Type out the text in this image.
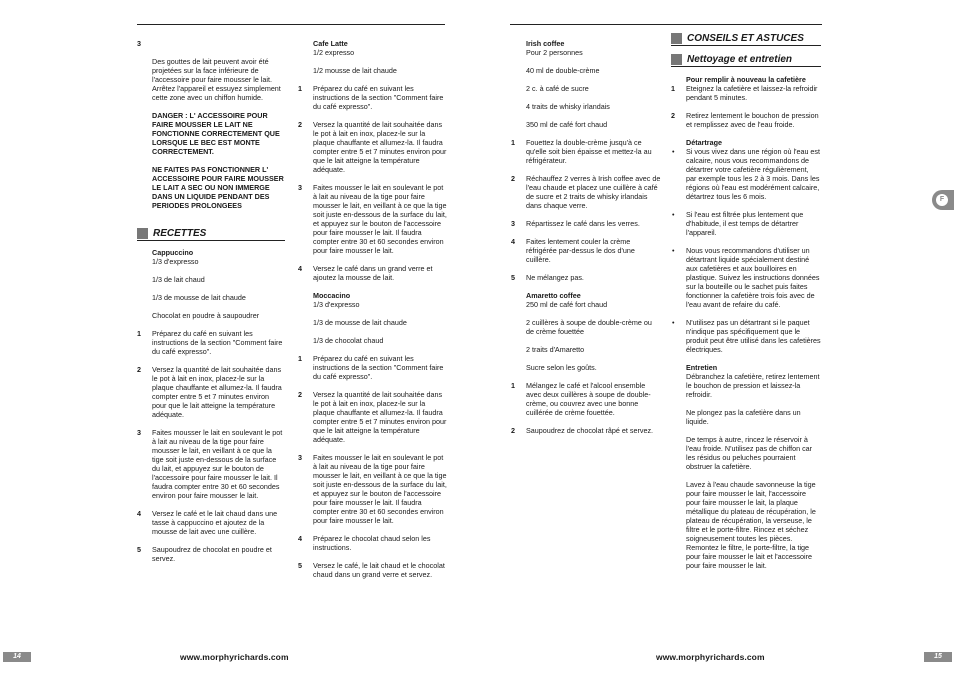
3

Des gouttes de lait peuvent avoir été projetées sur la face inférieure de l'accessoire pour faire mousser le lait. Arrêtez l'appareil et essuyez simplement cette zone avec un chiffon humide.

DANGER : L' ACCESSOIRE POUR FAIRE MOUSSER LE LAIT NE FONCTIONNE CORRECTEMENT QUE LORSQUE LE BEC EST MONTE CORRECTEMENT.
NE FAITES PAS FONCTIONNER L' ACCESSOIRE POUR FAIRE MOUSSER LE LAIT A SEC OU NON IMMERGE DANS UN LIQUIDE PENDANT DES PERIODES PROLONGEES
RECETTES
Cappuccino
1/3 d'expresso
1/3 de lait chaud
1/3 de mousse de lait chaude
Chocolat en poudre à saupoudrer
1 Préparez du café en suivant les instructions de la section "Comment faire du café expresso".
2 Versez la quantité de lait souhaitée dans le pot à lait en inox, placez-le sur la plaque chauffante et allumez-la. Il faudra compter entre 5 et 7 minutes environ pour que le lait atteigne la température adéquate.
3 Faites mousser le lait en soulevant le pot à lait au niveau de la tige pour faire mousser le lait, en veillant à ce que la tige soit juste en-dessous de la surface du lait, et appuyez sur le bouton de l'accessoire pour faire mousser le lait. Il faudra compter entre 30 et 60 secondes environ pour faire mousser le lait.
4 Versez le café et le lait chaud dans une tasse à cappuccino et ajoutez de la mousse de lait avec une cuillère.
5 Saupoudrez de chocolat en poudre et servez.
Cafe Latte
1/2 expresso
1/2 mousse de lait chaude
1 Préparez du café en suivant les instructions de la section "Comment faire du café expresso".
2 Versez la quantité de lait souhaitée dans le pot à lait en inox, placez-le sur la plaque chauffante et allumez-la. Il faudra compter entre 5 et 7 minutes environ pour que le lait atteigne la température adéquate.
3 Faites mousser le lait en soulevant le pot à lait au niveau de la tige pour faire mousser le lait, en veillant à ce que la tige soit juste en-dessous de la surface du lait, et appuyez sur le bouton de l'accessoire pour faire mousser le lait. Il faudra compter entre 30 et 60 secondes environ pour faire mousser le lait.
4 Versez le café dans un grand verre et ajoutez la mousse de lait.
Moccacino
1/3 d'expresso
1/3 de mousse de lait chaude
1/3 de chocolat chaud
1 Préparez du café en suivant les instructions de la section "Comment faire du café expresso".
2 Versez la quantité de lait souhaitée dans le pot à lait en inox, placez-le sur la plaque chauffante et allumez-la. Il faudra compter entre 5 et 7 minutes environ pour que le lait atteigne la température adéquate.
3 Faites mousser le lait en soulevant le pot à lait au niveau de la tige pour faire mousser le lait, en veillant à ce que la tige soit juste en-dessous de la surface du lait, et appuyez sur le bouton de l'accessoire pour faire mousser le lait. Il faudra compter entre 30 et 60 secondes environ pour faire mousser le lait.
4 Préparez le chocolat chaud selon les instructions.
5 Versez le café, le lait chaud et le chocolat chaud dans un grand verre et servez.
Irish coffee
Pour 2 personnes
40 ml de double-crème
2 c. à café de sucre
4 traits de whisky irlandais
350 ml de café fort chaud
1 Fouettez la double-crème jusqu'à ce qu'elle soit bien épaisse et mettez-la au réfrigérateur.
2 Réchauffez 2 verres à Irish coffee avec de l'eau chaude et placez une cuillère à café de sucre et 2 traits de whisky irlandais dans chaque verre.
3 Répartissez le café dans les verres.
4 Faites lentement couler la crème réfrigérée par-dessus le dos d'une cuillère.
5 Ne mélangez pas.
Amaretto coffee
250 ml de café fort chaud
2 cuillères à soupe de double-crème ou de crème fouettée
2 traits d'Amaretto
Sucre selon les goûts.
1 Mélangez le café et l'alcool ensemble avec deux cuillères à soupe de double-crème, ou couvrez avec une bonne cuillérée de crème fouettée.
2 Saupoudrez de chocolat râpé et servez.
CONSEILS ET ASTUCES
Nettoyage et entretien
Pour remplir à nouveau la cafetière
1 Eteignez la cafetière et laissez-la refroidir pendant 5 minutes.
2 Retirez lentement le bouchon de pression et remplissez avec de l'eau froide.
Détartrage
• Si vous vivez dans une région où l'eau est calcaire, nous vous recommandons de détartrer votre cafetière régulièrement, par exemple tous les 2 à 3 mois. Dans les régions où l'eau est modérément calcaire, détartrez tous les 6 mois.
• Si l'eau est filtrée plus lentement que d'habitude, il est temps de détartrer l'appareil.
• Nous vous recommandons d'utiliser un détartrant liquide spécialement destiné aux cafetières et aux bouilloires en plastique. Suivez les instructions données sur la bouteille ou le sachet puis faites fonctionner la cafetière trois fois avec de l'eau avant de refaire du café.
• N'utilisez pas un détartrant si le paquet n'indique pas spécifiquement que le produit peut être utilisé dans les cafetières électriques.
Entretien
Débranchez la cafetière, retirez lentement le bouchon de pression et laissez-la refroidir.
Ne plongez pas la cafetière dans un liquide.
De temps à autre, rincez le réservoir à l'eau froide. N'utilisez pas de chiffon car les résidus ou peluches pourraient obstruer la cafetière.
Lavez à l'eau chaude savonneuse la tige pour faire mousser le lait, l'accessoire pour faire mousser le lait, la plaque métallique du plateau de récupération, le plateau de récupération, la verseuse, le filtre et le porte-filtre. Rincez et séchez soigneusement toutes les pièces. Remontez le filtre, le porte-filtre, la tige pour faire mousser le lait et l'accessoire pour faire mousser le lait.
F
14	www.morphyrichards.com	www.morphyrichards.com	15
